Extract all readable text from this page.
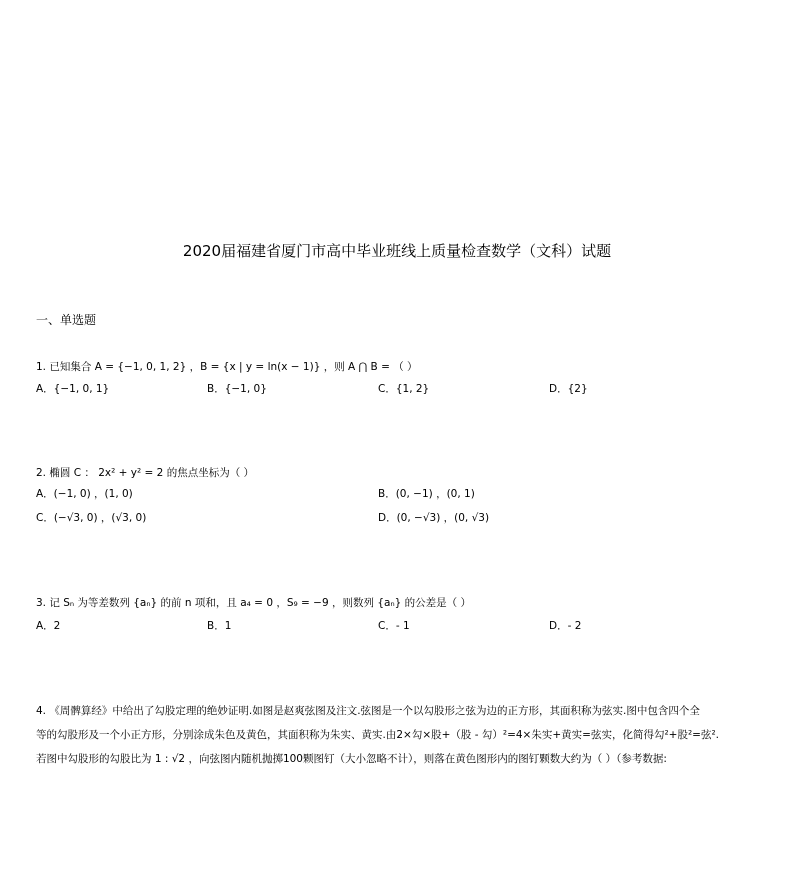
2020届福建省厦门市高中毕业班线上质量检查数学（文科）试题
一、单选题
1. 已知集合 A = {−1, 0, 1, 2} ，B = {x | y = ln(x − 1)} ，则 A ⋂ B = （ ）
A．{−1, 0, 1}	B．{−1, 0}	C．{1, 2}	D．{2}
2. 椭圆 C ： 2x² + y² = 2 的焦点坐标为（ ）
A．(−1, 0) ，(1, 0)	B．(0, −1) ，(0, 1)
C．(−√3, 0) ，(√3, 0)	D．(0, −√3) ，(0, √3)
3. 记 Sₙ 为等差数列 {aₙ} 的前 n 项和，且 a₄ = 0 ，S₉ = −9 ，则数列 {aₙ} 的公差是（ ）
A．2	B．1	C．- 1	D．- 2
4. 《周髀算经》中给出了勾股定理的绝妙证明.如图是赵爽弦图及注文.弦图是一个以勾股形之弦为边的正方形，其面积称为弦实.图中包含四个全
等的勾股形及一个小正方形，分别涂成朱色及黄色，其面积称为朱实、黄实.由2×勾×股+（股 - 勾）²=4×朱实+黄实=弦实，化简得勾²+股²=弦².
若图中勾股形的勾股比为 1 : √2 ，向弦图内随机抛掷100颗图钉（大小忽略不计），则落在黄色图形内的图钉颗数大约为（ ）（参考数据:
